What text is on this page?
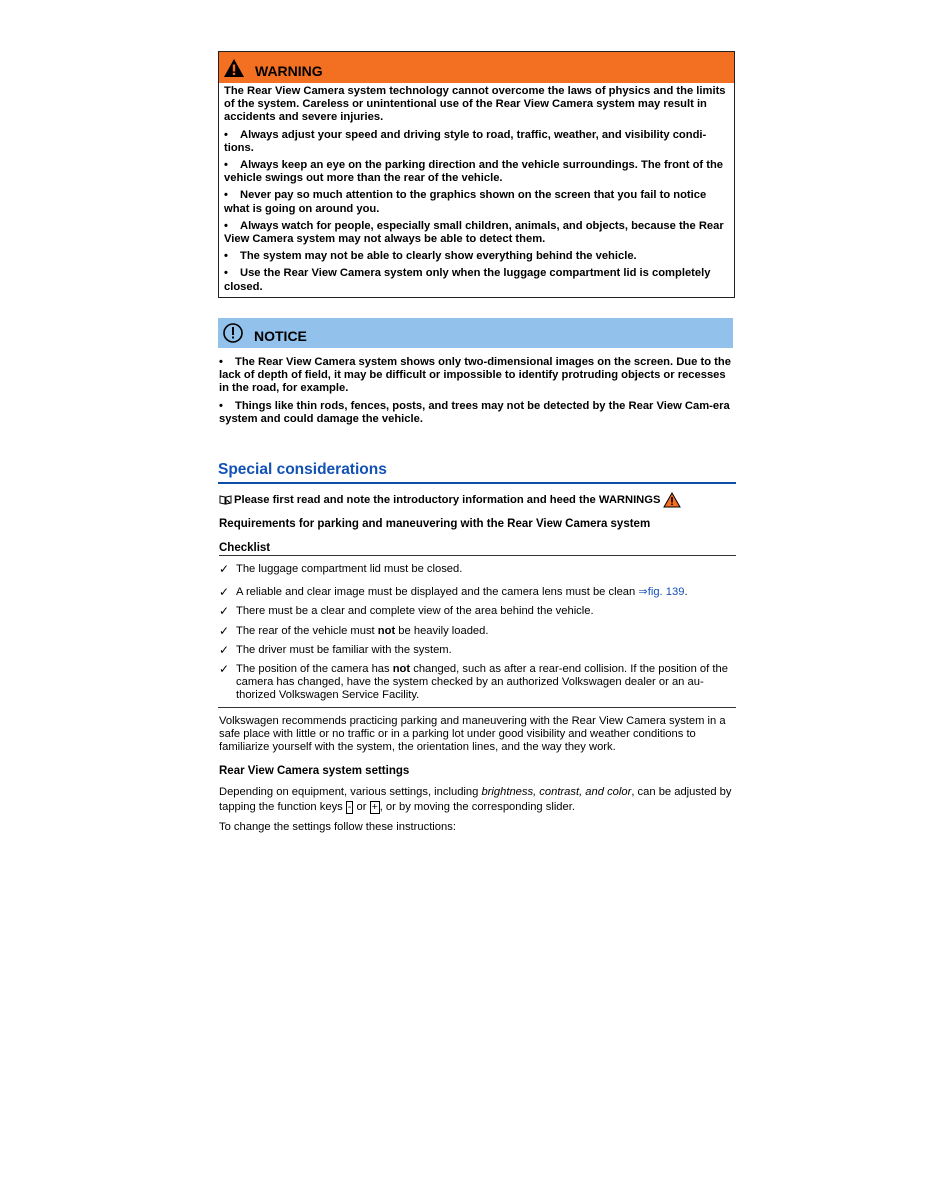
WARNING

The Rear View Camera system technology cannot overcome the laws of physics and the limits of the system. Careless or unintentional use of the Rear View Camera system may result in accidents and severe injuries.

• Always adjust your speed and driving style to road, traffic, weather, and visibility condi-tions.
• Always keep an eye on the parking direction and the vehicle surroundings. The front of the vehicle swings out more than the rear of the vehicle.
• Never pay so much attention to the graphics shown on the screen that you fail to notice what is going on around you.
• Always watch for people, especially small children, animals, and objects, because the Rear View Camera system may not always be able to detect them.
• The system may not be able to clearly show everything behind the vehicle.
• Use the Rear View Camera system only when the luggage compartment lid is completely closed.
NOTICE
• The Rear View Camera system shows only two-dimensional images on the screen. Due to the lack of depth of field, it may be difficult or impossible to identify protruding objects or recesses in the road, for example.
• Things like thin rods, fences, posts, and trees may not be detected by the Rear View Cam-era system and could damage the vehicle.
Special considerations
Please first read and note the introductory information and heed the WARNINGS
Requirements for parking and maneuvering with the Rear View Camera system
Checklist
✓ The luggage compartment lid must be closed.
✓ A reliable and clear image must be displayed and the camera lens must be clean ⇒fig. 139.
✓ There must be a clear and complete view of the area behind the vehicle.
✓ The rear of the vehicle must not be heavily loaded.
✓ The driver must be familiar with the system.
✓ The position of the camera has not changed, such as after a rear-end collision. If the position of the camera has changed, have the system checked by an authorized Volkswagen dealer or an au-thorized Volkswagen Service Facility.
Volkswagen recommends practicing parking and maneuvering with the Rear View Camera system in a safe place with little or no traffic or in a parking lot under good visibility and weather conditions to familiarize yourself with the system, the orientation lines, and the way they work.
Rear View Camera system settings
Depending on equipment, various settings, including brightness, contrast, and color, can be adjusted by tapping the function keys - or + , or by moving the corresponding slider.
To change the settings follow these instructions:
